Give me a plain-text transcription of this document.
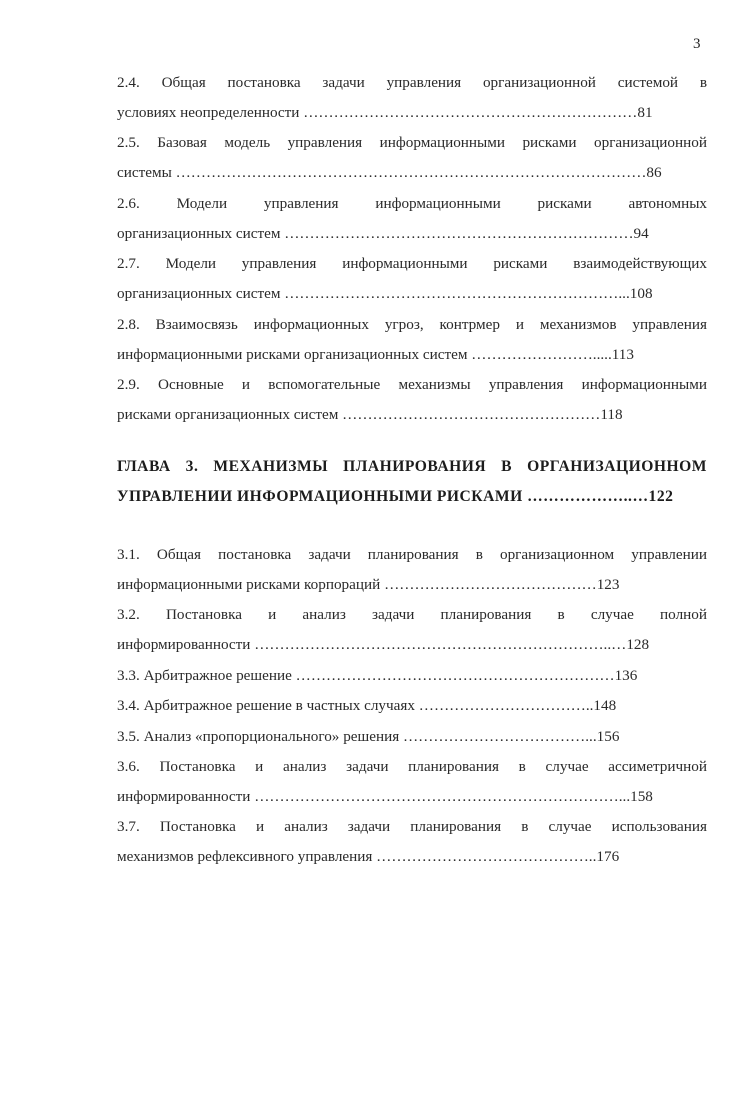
3
2.4. Общая постановка задачи управления организационной системой в
условиях неопределенности …………………………………………………………81
2.5. Базовая модель управления информационными рисками организационной
системы …………………………………………………………………………………86
2.6. Модели управления информационными рисками автономных
организационных систем ……………………………………………………………94
2.7. Модели управления информационными рисками взаимодействующих
организационных систем …………………………………………………………...108
2.8. Взаимосвязь информационных угроз, контрмер и механизмов управления
информационными рисками организационных систем …………………….....113
2.9. Основные и вспомогательные механизмы управления информационными
рисками организационных систем ……………………………………………118
ГЛАВА 3. МЕХАНИЗМЫ ПЛАНИРОВАНИЯ В ОРГАНИЗАЦИОННОМ
УПРАВЛЕНИИ ИНФОРМАЦИОННЫМИ РИСКАМИ ………………..…122
3.1. Общая постановка задачи планирования в организационном управлении
информационными рисками корпораций ……………………………………123
3.2. Постановка и анализ задачи планирования в случае полной
информированности ……………………………………………………………..…128
3.3. Арбитражное решение ………………………………………………………136
3.4. Арбитражное решение в частных случаях ……………………………..148
3.5. Анализ «пропорционального» решения ………………………………...156
3.6. Постановка и анализ задачи планирования в случае ассиметричной
информированности ………………………………………………………………...158
3.7. Постановка и анализ задачи планирования в случае использования
механизмов рефлексивного управления ……………………………………..176
